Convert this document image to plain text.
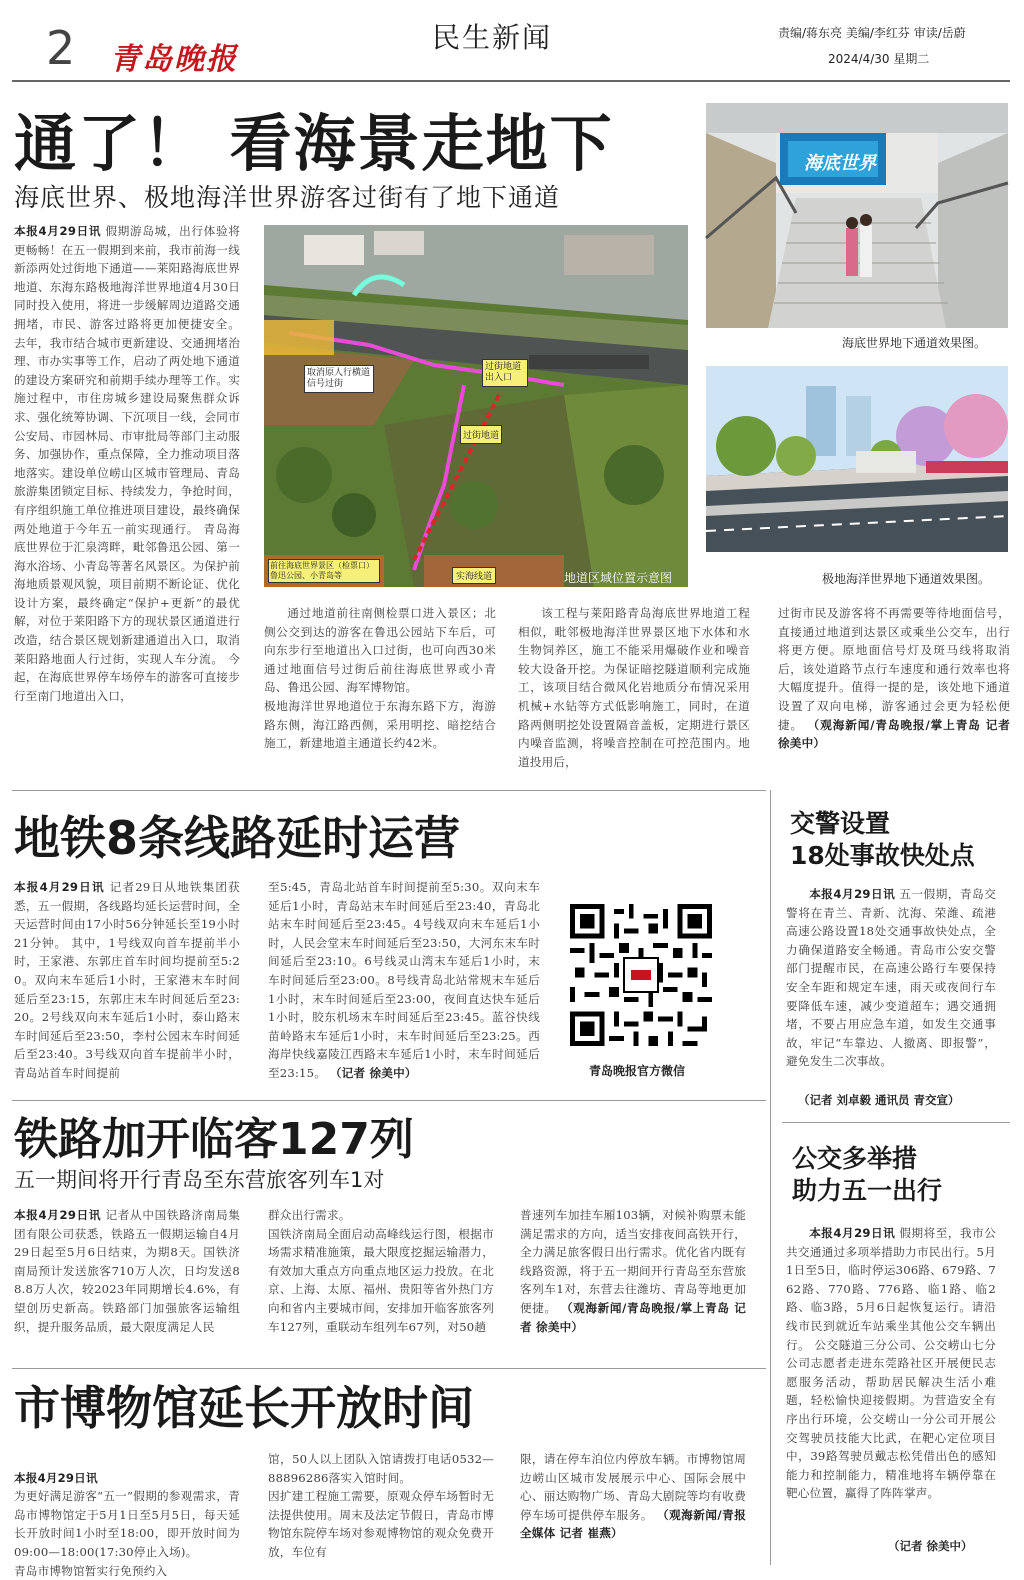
2 青岛晚报
民生新闻	责编/蒋东亮 美编/李红芬 审读/岳蔚
2024/4/30 星期二
通了！ 看海景走地下
海底世界、极地海洋世界游客过街有了地下通道
本报4月29日讯 假期游岛城，出行体验将更畅畅！在五一假期到来前，我市前海一线新添两处过街地下通道——莱阳路海底世界地道、东海东路极地海洋世界地道4月30日同时投入使用，将进一步缓解周边道路交通拥堵，市民、游客过路将更加便捷安全。 去年，我市结合城市更新建设、交通拥堵治理、市办实事等工作，启动了两处地下通道的建设方案研究和前期手续办理等工作。实施过程中，市住房城乡建设局聚焦群众诉求、强化统筹协调、下沉项目一线，会同市公安局、市园林局、市审批局等部门主动服务、加强协作，重点保障，全力推动项目落地落实。建设单位崂山区城市管理局、青岛旅游集团锁定目标、持续发力，争抢时间，有序组织施工单位推进项目建设，最终确保两处地道于今年五一前实现通行。 青岛海底世界位于汇泉湾畔，毗邻鲁迅公园、第一海水浴场、小青岛等著名风景区。为保护前海地质景观风貌，项目前期不断论证、优化设计方案，最终确定“保护+更新”的最优解，对位于莱阳路下方的现状景区通道进行改造，结合景区规划新建通道出入口，取消莱阳路地面人行过街，实现人车分流。 今起，在海底世界停车场停车的游客可直接步行至南门地道出入口，
取消原人行横道信号过街
过街地道出入口
过街地道
前往海底世界景区（检票口）鲁迅公园、小青岛等	实海线道	地道区域位置示意图
海底世界
海底世界地下通道效果图。
极地海洋世界地下通道效果图。
通过地道前往南侧检票口进入景区；北侧公交到达的游客在鲁迅公园站下车后，可向东步行至地道出入口过街，也可向西30米通过地面信号过街后前往海底世界或小青岛、鲁迅公园、海军博物馆。
极地海洋世界地道位于东海东路下方，海游路东侧，海江路西侧，采用明挖、暗挖结合施工，新建地道主通道长约42米。
该工程与莱阳路青岛海底世界地道工程相似，毗邻极地海洋世界景区地下水体和水生物饲养区，施工不能采用爆破作业和噪音较大设备开挖。为保证暗挖隧道顺利完成施工，该项目结合微风化岩地质分布情况采用机械+水钻等方式低影响施工，同时，在道路两侧明挖处设置隔音盖板，定期进行景区内噪音监测，将噪音控制在可控范围内。地道投用后，
过街市民及游客将不再需要等待地面信号，直接通过地道到达景区或乘坐公交车，出行将更方便。原地面信号灯及斑马线将取消后，该处道路节点行车速度和通行效率也将大幅度提升。值得一提的是，该处地下通道设置了双向电梯，游客通过会更为轻松便捷。 （观海新闻/青岛晚报/掌上青岛 记者 徐美中）
地铁8条线路延时运营
本报4月29日讯 记者29日从地铁集团获悉，五一假期，各线路均延长运营时间，全天运营时间由17小时56分钟延长至19小时21分钟。 其中，1号线双向首车提前半小时，王家港、东郭庄首车时间均提前至5:20。双向末车延后1小时，王家港末车时间延后至23:15，东郭庄末车时间延后至23:20。2号线双向末车延后1小时，泰山路末车时间延后至23:50，李村公园末车时间延后至23:40。3号线双向首车提前半小时，青岛站首车时间提前
至5:45，青岛北站首车时间提前至5:30。双向末车延后1小时，青岛站末车时间延后至23:40，青岛北站末车时间延后至23:45。4号线双向末车延后1小时，人民会堂末车时间延后至23:50，大河东末车时间延后至23:10。6号线灵山湾末车延后1小时，末车时间延后至23:00。8号线青岛北站常规末车延后1小时，末车时间延后至23:00，夜间直达快车延后1小时，胶东机场末车时间延后至23:45。蓝谷快线苗岭路末车延后1小时，末车时间延后至23:25。西海岸快线嘉陵江西路末车延后1小时，末车时间延后至23:15。 （记者 徐美中）	青岛晚报官方微信
交警设置
18处事故快处点
本报4月29日讯 五一假期，青岛交警将在青兰、青新、沈海、荣潍、疏港高速公路设置18处交通事故快处点，全力确保道路安全畅通。青岛市公安交警部门提醒市民，在高速公路行车要保持安全车距和规定车速，雨天或夜间行车要降低车速，减少变道超车；遇交通拥堵，不要占用应急车道，如发生交通事故，牢记“车靠边、人撤离、即报警”，避免发生二次事故。
（记者 刘卓毅 通讯员 青交宣）
铁路加开临客127列
五一期间将开行青岛至东营旅客列车1对
本报4月29日讯 记者从中国铁路济南局集团有限公司获悉，铁路五一假期运输自4月29日起至5月6日结束，为期8天。国铁济南局预计发送旅客710万人次，日均发送88.8万人次，较2023年同期增长4.6%，有望创历史新高。铁路部门加强旅客运输组织，提升服务品质，最大限度满足人民
群众出行需求。
国铁济南局全面启动高峰线运行图，根据市场需求精准施策，最大限度挖掘运输潜力，有效加大重点方向重点地区运力投放。在北京、上海、太原、福州、贵阳等省外热门方向和省内主要城市间，安排加开临客旅客列车127列，重联动车组列车67列，对50趟
普速列车加挂车厢103辆，对候补购票未能满足需求的方向，适当安排夜间高铁开行，全力满足旅客假日出行需求。优化省内既有线路资源，将于五一期间开行青岛至东营旅客列车1对，东营去往潍坊、青岛等地更加便捷。 （观海新闻/青岛晚报/掌上青岛 记者 徐美中）
公交多举措
助力五一出行
本报4月29日讯 假期将至，我市公共交通通过多项举措助力市民出行。5月1日至5日，临时停运306路、679路、762路、770路、776路、临1路、临2路、临3路，5月6日起恢复运行。请沿线市民到就近车站乘坐其他公交车辆出行。 公交隧道三分公司、公交崂山七分公司志愿者走进东莞路社区开展便民志愿服务活动，帮助居民解决生活小难题，轻松愉快迎接假期。为营造安全有序出行环境，公交崂山一分公司开展公交驾驶员技能大比武，在靶心定位项目中，39路驾驶员戴志松凭借出色的感知能力和控制能力，精准地将车辆停靠在靶心位置，赢得了阵阵掌声。
（记者 徐美中）
市博物馆延长开放时间

本报4月29日讯
为更好满足游客“五一”假期的参观需求，青岛市博物馆定于5月1日至5月5日，每天延长开放时间1小时至18:00，即开放时间为09:00—18:00(17:30停止入场)。
青岛市博物馆暂实行免预约入

馆，50人以上团队入馆请拨打电话0532—88896286落实入馆时间。
因扩建工程施工需要，原观众停车场暂时无法提供使用。周末及法定节假日，青岛市博物馆东院停车场对参观博物馆的观众免费开放，车位有
限，请在停车泊位内停放车辆。市博物馆周边崂山区城市发展展示中心、国际会展中心、丽达购物广场、青岛大剧院等均有收费停车场可提供停车服务。 （观海新闻/青报全媒体 记者 崔燕）
